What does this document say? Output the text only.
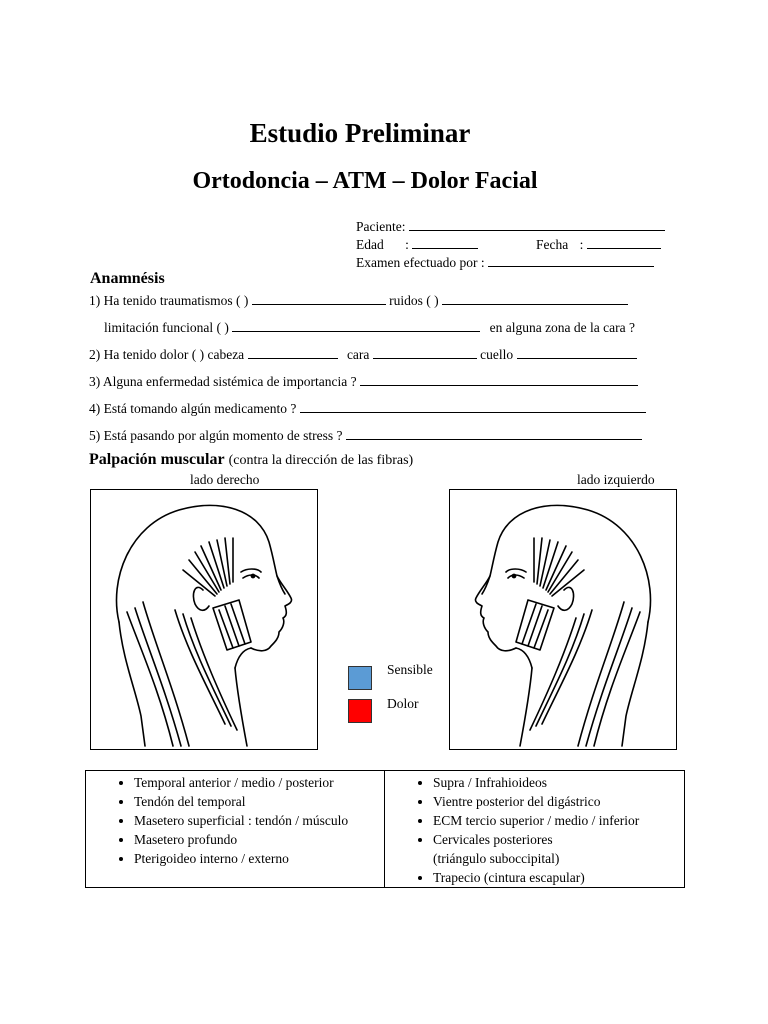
Estudio Preliminar
Ortodoncia – ATM – Dolor Facial
Paciente:
Edad :	Fecha :
Examen efectuado por :
Anamnésis
1) Ha tenido traumatismos ( )	ruidos ( )
limitación funcional ( )	en alguna zona de la cara ?
2) Ha tenido dolor ( ) cabeza	cara	cuello
3) Alguna enfermedad sistémica de importancia ?
4) Está tomando algún medicamento ?
5) Está pasando por algún momento de stress ?
Palpación muscular (contra la dirección de las fibras)
lado derecho	lado izquierdo
Sensible
Dolor
• Temporal anterior / medio / posterior
• Tendón del temporal
• Masetero superficial : tendón / músculo
• Masetero profundo
• Pterigoideo interno / externo

• Supra / Infrahioideos
• Vientre posterior del digástrico
• ECM tercio superior / medio / inferior
• Cervicales posteriores
(triángulo suboccipital)
• Trapecio (cintura escapular)
